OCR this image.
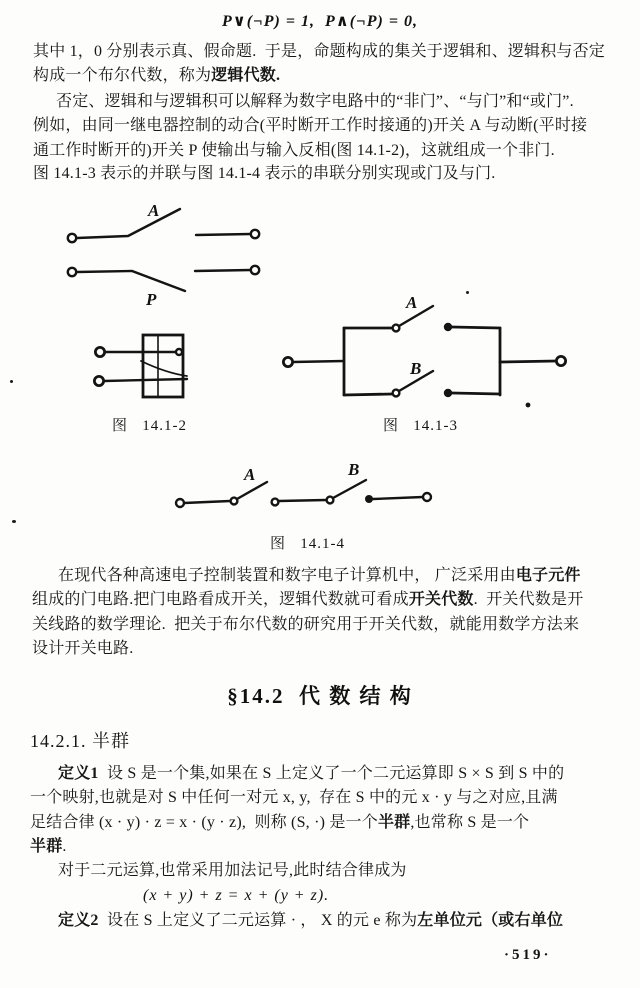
P∨(¬P) = 1,  P∧(¬P) = 0,
其中 1，0 分别表示真、假命题.  于是，命题构成的集关于逻辑和、逻辑积与否定
构成一个布尔代数，称为逻辑代数.
否定、逻辑和与逻辑积可以解释为数字电路中的“非门”、“与门”和“或门”.
例如，由同一继电器控制的动合(平时断开工作时接通的)开关 A 与动断(平时接
通工作时断开的)开关 P 使输出与输入反相(图 14.1-2)，这就组成一个非门.
图 14.1-3 表示的并联与图 14.1-4 表示的串联分别实现或门及与门.
A
P	A
B
A	B
图   14.1-2	图   14.1-3
图   14.1-4
在现代各种高速电子控制装置和数字电子计算机中， 广泛采用由电子元件
组成的门电路.把门电路看成开关，逻辑代数就可看成开关代数.  开关代数是开
关线路的数学理论.  把关于布尔代数的研究用于开关代数，就能用数学方法来
设计开关电路.
§14.2  代 数 结 构
14.2.1. 半群
定义1  设 S 是一个集,如果在 S 上定义了一个二元运算即 S × S 到 S 中的
一个映射,也就是对 S 中任何一对元 x, y,  存在 S 中的元 x · y 与之对应,且满
足结合律 (x · y) · z = x · (y · z),  则称 (S, ·) 是一个半群,也常称 S 是一个
半群.
对于二元运算,也常采用加法记号,此时结合律成为
(x + y) + z = x + (y + z).
定义2  设在 S 上定义了二元运算 · ， X 的元 e 称为左单位元（或右单位
·519·
